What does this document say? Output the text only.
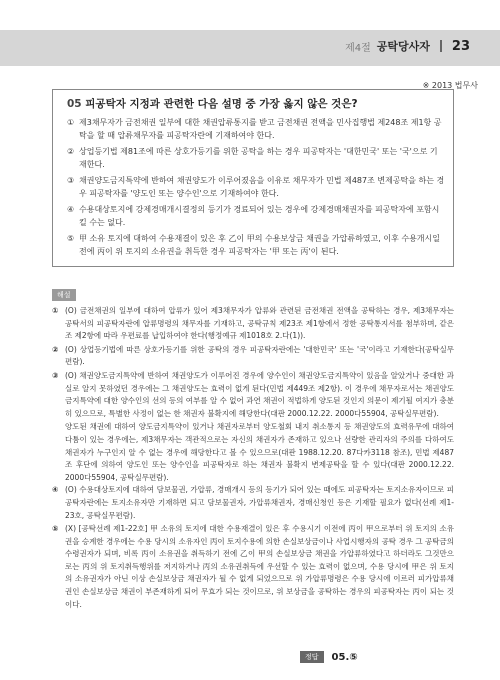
제4절 공탁당사자 23
※ 2013 법무사
05 피공탁자 지정과 관련한 다음 설명 중 가장 옳지 않은 것은?
① 제3채무자가 금전채권 일부에 대한 채권압류통지를 받고 금전채권 전액을 민사집행법 제248조 제1항 공탁을 할 때 압류채무자를 피공탁자란에 기재하여야 한다.
② 상업등기법 제81조에 따른 상호가등기를 위한 공탁을 하는 경우 피공탁자는 '대한민국' 또는 '국'으로 기재한다.
③ 채권양도금지특약에 반하여 채권양도가 이루어졌음을 이유로 채무자가 민법 제487조 변제공탁을 하는 경우 피공탁자를 '양도인 또는 양수인'으로 기재하여야 한다.
④ 수용대상토지에 강제경매개시결정의 등기가 경료되어 있는 경우에 강제경매채권자를 피공탁자에 포함시킬 수는 없다.
⑤ 甲 소유 토지에 대하여 수용재결이 있은 후 乙이 甲의 수용보상금 채권을 가압류하였고, 이후 수용개시일 전에 丙이 위 토지의 소유권을 취득한 경우 피공탁자는 '甲 또는 丙'이 된다.
해설
① (O) 금전채권의 일부에 대하여 압류가 있어 제3채무자가 압류와 관련된 금전채권 전액을 공탁하는 경우, 제3채무자는 공탁서의 피공탁자란에 압류명령의 채무자를 기재하고, 공탁규칙 제23조 제1항에서 정한 공탁통지서를 첨부하며, 같은 조 제2항에 따라 우편료를 납입하여야 한다(행정예규 제1018호 2.다(1)).
② (O) 상업등기법에 따른 상호가등기를 위한 공탁의 경우 피공탁자란에는 '대한민국' 또는 '국'이라고 기재한다(공탁실무편람).
③ (O) 채권양도금지특약에 반하여 채권양도가 이루어진 경우에 양수인이 채권양도금지특약이 있음을 알았거나 중대한 과실로 알지 못하였던 경우에는 그 채권양도는 효력이 없게 된다(민법 제449조 제2항). 이 경우에 채무자로서는 채권양도금지특약에 대한 양수인의 선의 등의 여부를 알 수 없어 과연 채권이 적법하게 양도된 것인지 의문이 제기될 여지가 충분히 있으므로, 특별한 사정이 없는 한 채권자 불확지에 해당한다(대판 2000.12.22. 2000다55904, 공탁실무편람).
양도된 채권에 대하여 양도금지특약이 있거나 채권자로부터 양도철회 내지 취소통지 등 채권양도의 효력유무에 대하여 다툼이 있는 경우에는, 제3채무자는 객관적으로는 자신의 채권자가 존재하고 있으나 선량한 관리자의 주의를 다하여도 채권자가 누구인지 알 수 없는 경우에 해당한다고 볼 수 있으므로(대판 1988.12.20. 87다카3118 참조), 민법 제487조 후단에 의하여 양도인 또는 양수인을 피공탁자로 하는 채권자 불확지 변제공탁을 할 수 있다(대판 2000.12.22. 2000다55904, 공탁실무편람).
④ (O) 수용대상토지에 대하여 담보물권, 가압류, 경매개시 등의 등기가 되어 있는 때에도 피공탁자는 토지소유자이므로 피공탁자란에는 토지소유자만 기재하면 되고 담보물권자, 가압류채권자, 경매신청인 등은 기재할 필요가 없다(선례 제1-23호, 공탁실무편람).
⑤ (X) [공탁선례 제1-22호] 甲 소유의 토지에 대한 수용재결이 있은 후 수용시기 이전에 丙이 甲으로부터 위 토지의 소유권을 승계한 경우에는 수용 당시의 소유자인 丙이 토지수용에 의한 손실보상금이나 사업시행자의 공탁 경우 그 공탁금의 수령권자가 되며, 비록 丙이 소유권을 취득하기 전에 乙이 甲의 손실보상금 채권을 가압류하였다고 하더라도 그것만으로는 丙의 위 토지취득행위를 저지하거나 丙의 소유권취득에 우선할 수 있는 효력이 없으며, 수용 당시에 甲은 위 토지의 소유권자가 아닌 이상 손실보상금 채권자가 될 수 없게 되었으므로 위 가압류명령은 수용 당시에 이르러 피가압류채권인 손실보상금 채권이 부존재하게 되어 무효가 되는 것이므로, 위 보상금을 공탁하는 경우의 피공탁자는 丙이 되는 것이다.
정답	05.⑤
